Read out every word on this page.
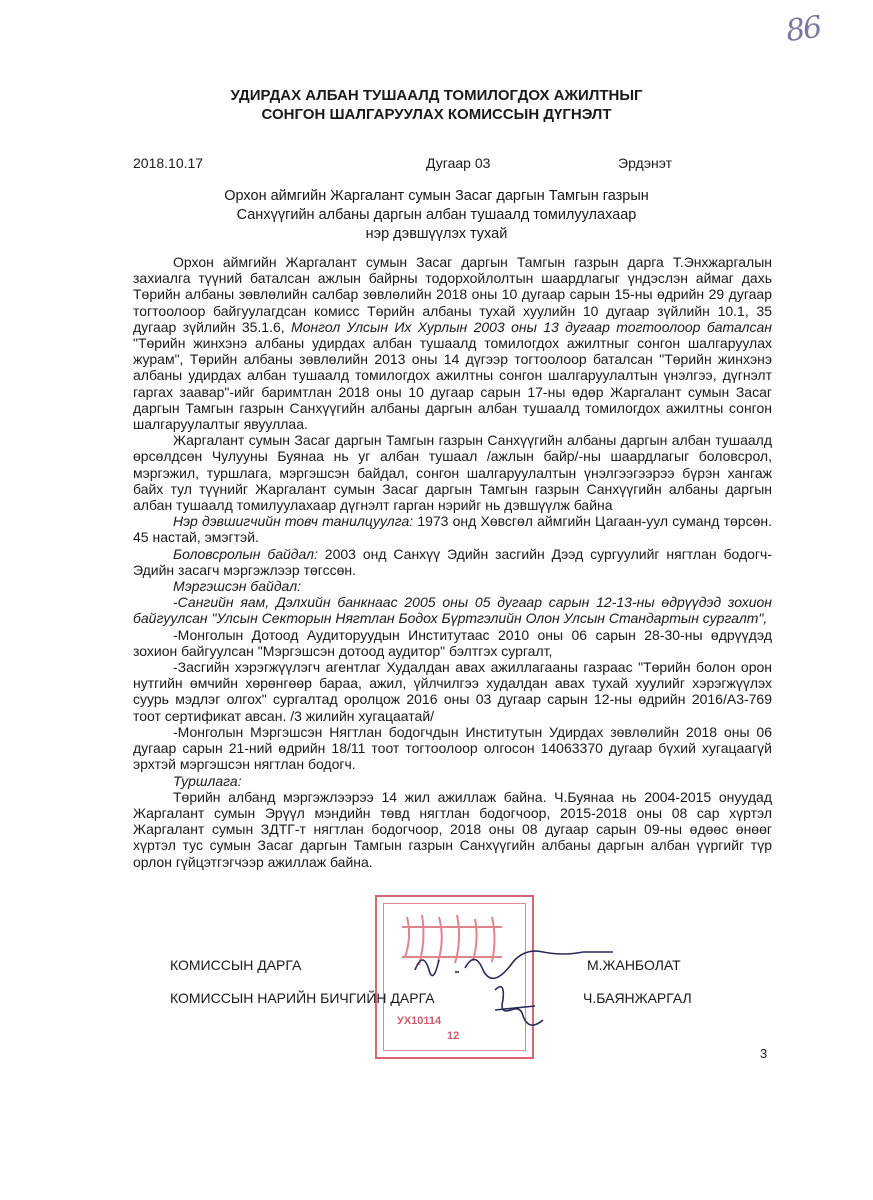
86
УДИРДАХ АЛБАН ТУШААЛД ТОМИЛОГДОХ АЖИЛТНЫГ
СОНГОН ШАЛГАРУУЛАХ КОМИССЫН ДҮГНЭЛТ
2018.10.17	Дугаар 03	Эрдэнэт
Орхон аймгийн Жаргалант сумын Засаг даргын Тамгын газрын
Санхүүгийн албаны даргын албан тушаалд томилуулахаар
нэр дэвшүүлэх тухай

Орхон аймгийн Жаргалант сумын Засаг даргын Тамгын газрын дарга Т.Энхжаргалын захиалга түүний баталсан ажлын байрны тодорхойлолтын шаардлагыг үндэслэн аймаг дахь Төрийн албаны зөвлөлийн салбар зөвлөлийн 2018 оны 10 дугаар сарын 15-ны өдрийн 29 дугаар тогтоолоор байгуулагдсан комисс Төрийн албаны тухай хуулийн 10 дугаар зүйлийн 10.1, 35 дугаар зүйлийн 35.1.6, Монгол Улсын Их Хурлын 2003 оны 13 дугаар тогтоолоор баталсан "Төрийн жинхэнэ албаны удирдах албан тушаалд томилогдох ажилтныг сонгон шалгаруулах журам", Төрийн албаны зөвлөлийн 2013 оны 14 дүгээр тогтоолоор баталсан "Төрийн жинхэнэ албаны удирдах албан тушаалд томилогдох ажилтны сонгон шалгаруулалтын үнэлгээ, дүгнэлт гаргах заавар"-ийг баримтлан 2018 оны 10 дугаар сарын 17-ны өдөр Жаргалант сумын Засаг даргын Тамгын газрын Санхүүгийн албаны даргын албан тушаалд томилогдох ажилтны сонгон шалгаруулалтыг явууллаа.

Жаргалант сумын Засаг даргын Тамгын газрын Санхүүгийн албаны даргын албан тушаалд өрсөлдсөн Чулууны Буянаа нь уг албан тушаал /ажлын байр/-ны шаардлагыг боловсрол, мэргэжил, туршлага, мэргэшсэн байдал, сонгон шалгаруулалтын үнэлгээгээрээ бүрэн хангаж байх тул түүнийг Жаргалант сумын Засаг даргын Тамгын газрын Санхүүгийн албаны даргын албан тушаалд томилуулахаар дүгнэлт гарган нэрийг нь дэвшүүлж байна

Нэр дэвшигчийн товч танилцуулга: 1973 онд Хөвсгөл аймгийн Цагаан-уул суманд төрсөн. 45 настай, эмэгтэй.

Боловсролын байдал: 2003 онд Санхүү Эдийн засгийн Дээд сургуулийг нягтлан бодогч-Эдийн засагч мэргэжлээр төгссөн.

Мэргэшсэн байдал:

-Сангийн яам, Дэлхийн банкнаас 2005 оны 05 дугаар сарын 12-13-ны өдрүүдэд зохион байгуулсан "Улсын Секторын Нягтлан Бодох Бүртгэлийн Олон Улсын Стандартын сургалт",

-Монголын Дотоод Аудиторуудын Институтаас 2010 оны 06 сарын 28-30-ны өдрүүдэд зохион байгуулсан "Мэргэшсэн дотоод аудитор" бэлтгэх сургалт,

-Засгийн хэрэгжүүлэгч агентлаг Худалдан авах ажиллагааны газраас "Төрийн болон орон нутгийн өмчийн хөрөнгөөр бараа, ажил, үйлчилгээ худалдан авах тухай хуулийг хэрэгжүүлэх суурь мэдлэг олгох" сургалтад оролцож 2016 оны 03 дугаар сарын 12-ны өдрийн 2016/А3-769 тоот сертификат авсан. /3 жилийн хугацаатай/

-Монголын Мэргэшсэн Нягтлан бодогчдын Институтын Удирдах зөвлөлийн 2018 оны 06 дугаар сарын 21-ний өдрийн 18/11 тоот тогтоолоор олгосон 14063370 дугаар бүхий хугацаагүй эрхтэй мэргэшсэн нягтлан бодогч.

Туршлага:

Төрийн албанд мэргэжлээрээ 14 жил ажиллаж байна. Ч.Буянаа нь 2004-2015 онуудад Жаргалант сумын Эрүүл мэндийн төвд нягтлан бодогчоор, 2015-2018 оны 08 сар хүртэл Жаргалант сумын ЗДТГ-т нягтлан бодогчоор, 2018 оны 08 дугаар сарын 09-ны өдөөс өнөөг хүртэл тус сумын Засаг даргын Тамгын газрын Санхүүгийн албаны даргын албан үүргийг түр орлон гүйцэтгэгчээр ажиллаж байна.

УХ10114
12
КОМИССЫН ДАРГА	М.ЖАНБОЛАТ
КОМИССЫН НАРИЙН БИЧГИЙН ДАРГА	Ч.БАЯНЖАРГАЛ
3
